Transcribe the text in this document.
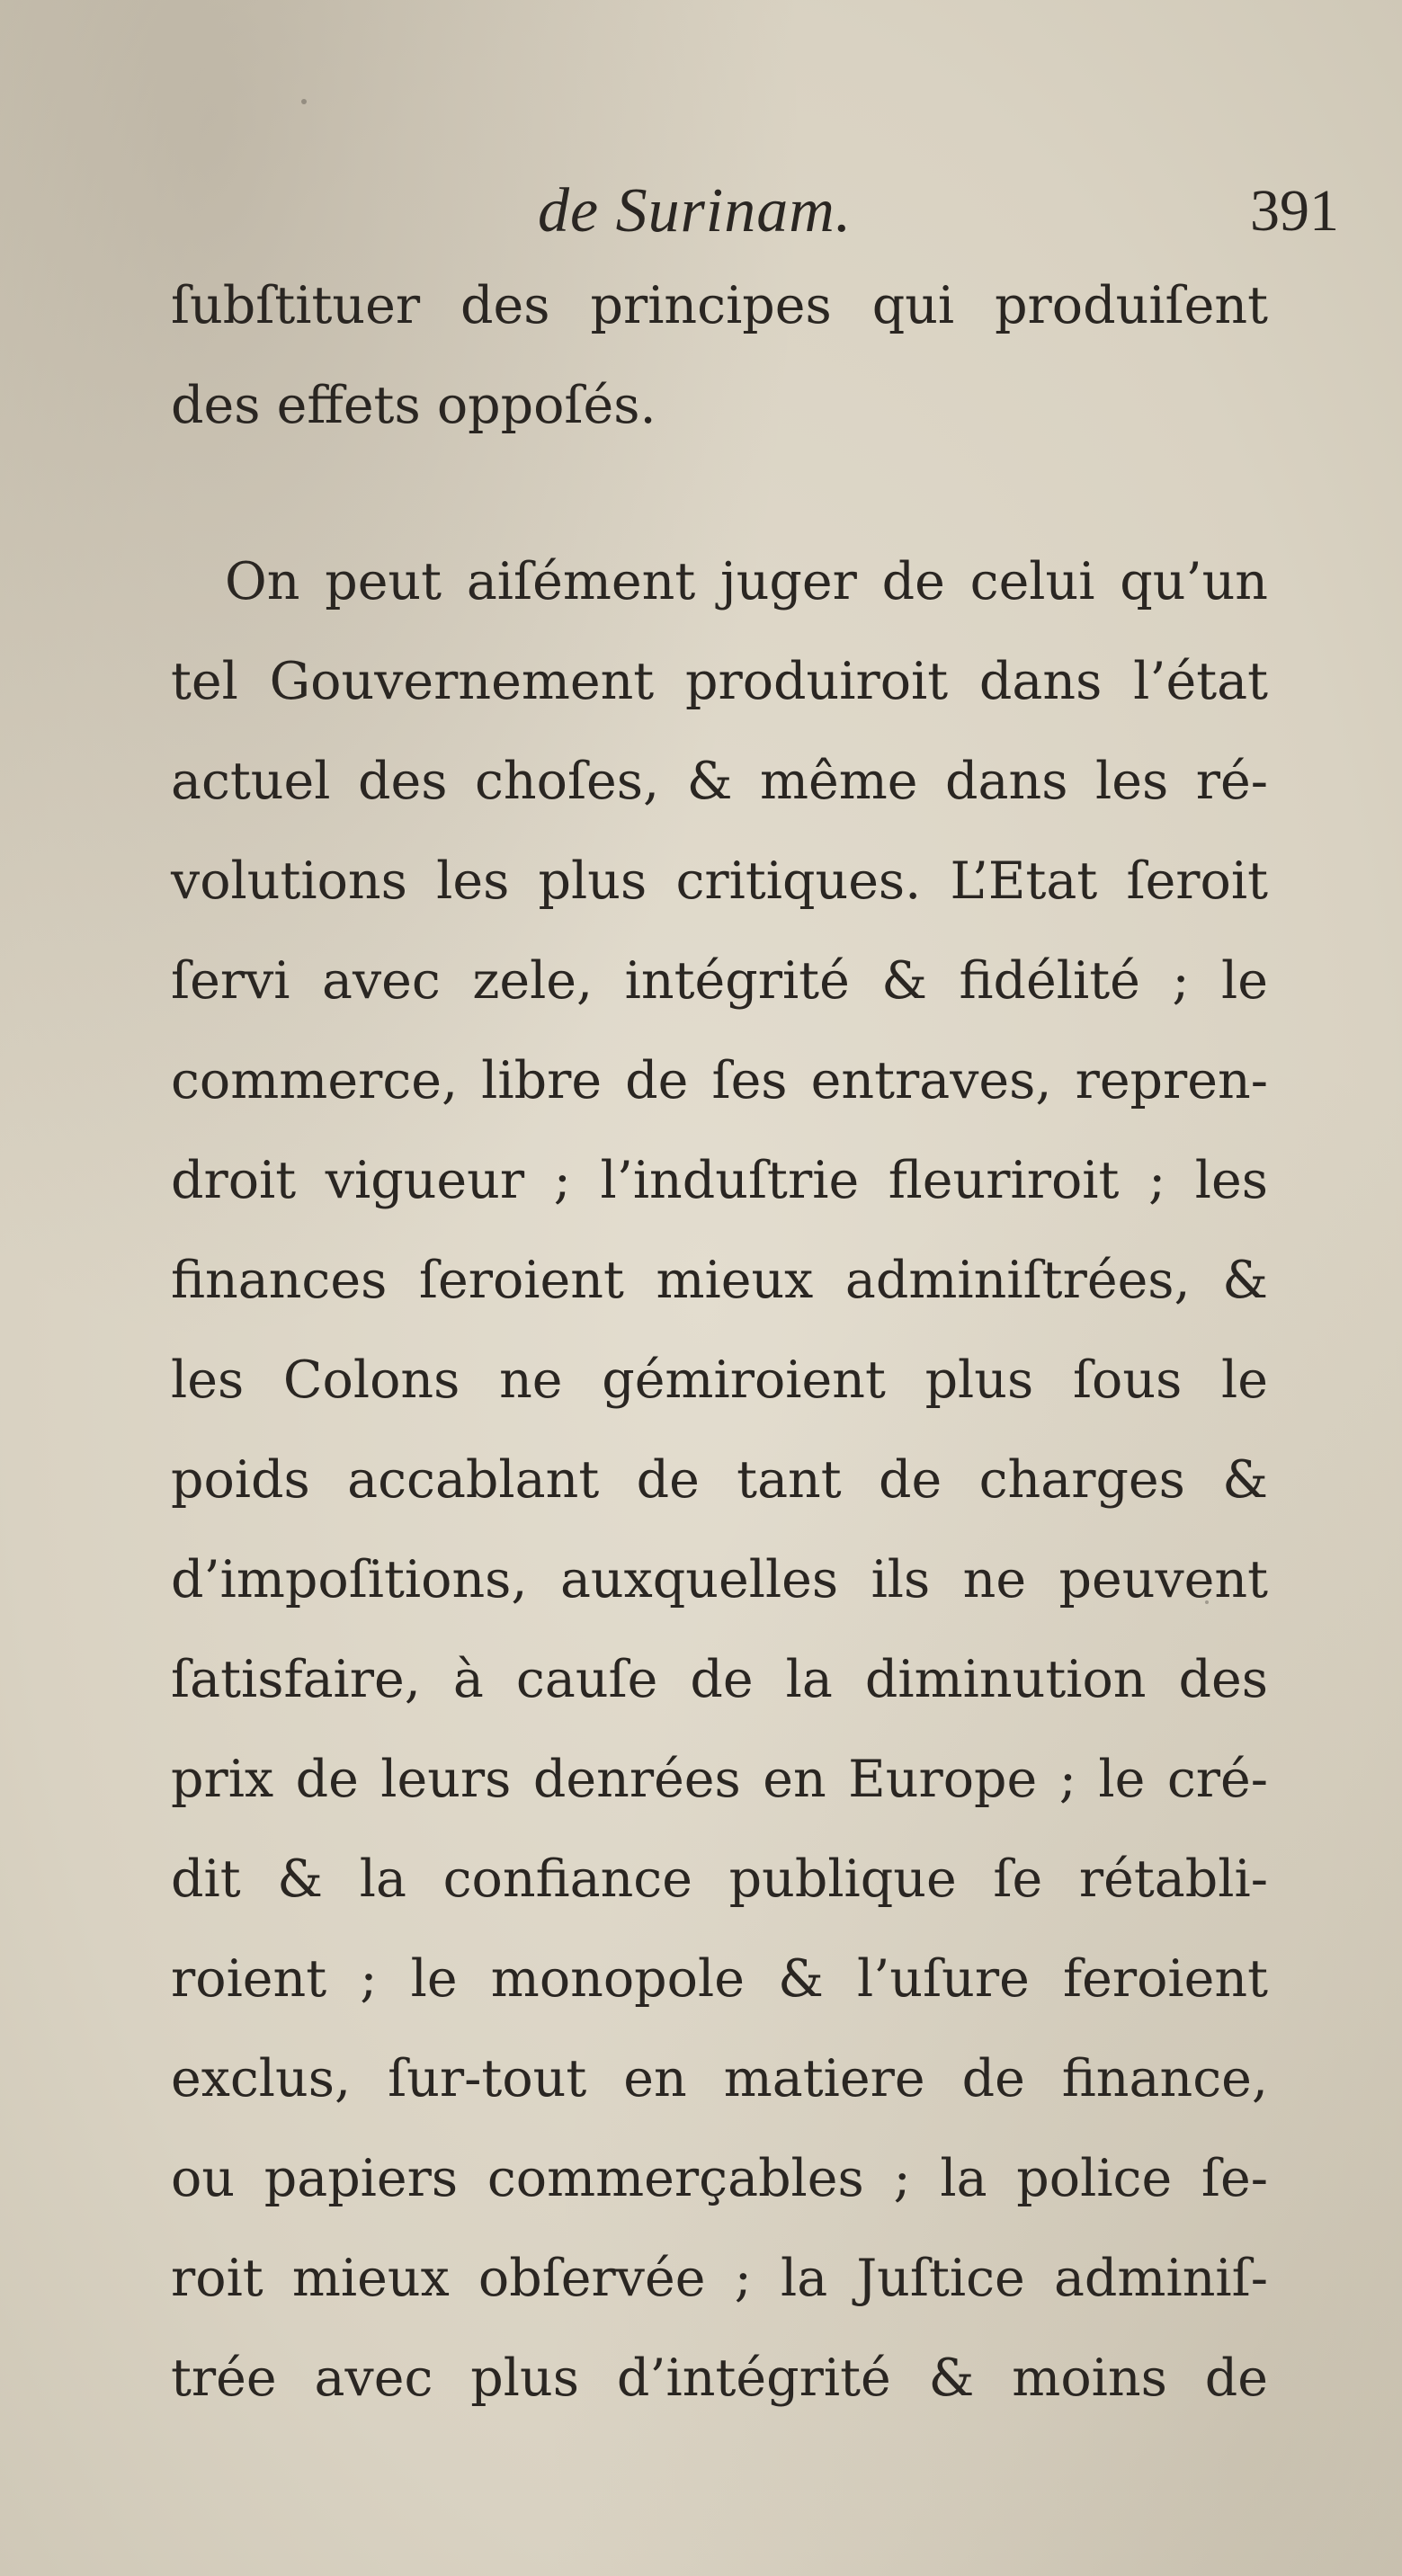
de Surinam.	391
ſubſtituer des principes qui produiſent
des effets oppoſés.
On peut aiſément juger de celui qu’un
tel Gouvernement produiroit dans l’état
actuel des choſes, & même dans les ré-
volutions les plus critiques. L’Etat ſeroit
ſervi avec zele, intégrité & fidélité ; le
commerce, libre de ſes entraves, repren-
droit vigueur ; l’induſtrie fleuriroit ; les
finances ſeroient mieux adminiſtrées, &
les Colons ne gémiroient plus ſous le
poids accablant de tant de charges &
d’impoſitions, auxquelles ils ne peuvent
ſatisfaire, à cauſe de la diminution des
prix de leurs denrées en Europe ; le cré-
dit & la confiance publique ſe rétabli-
roient ; le monopole & l’uſure feroient
exclus, ſur-tout en matiere de finance,
ou papiers commerçables ; la police ſe-
roit mieux obſervée ; la Juſtice adminiſ-
trée avec plus d’intégrité & moins de
